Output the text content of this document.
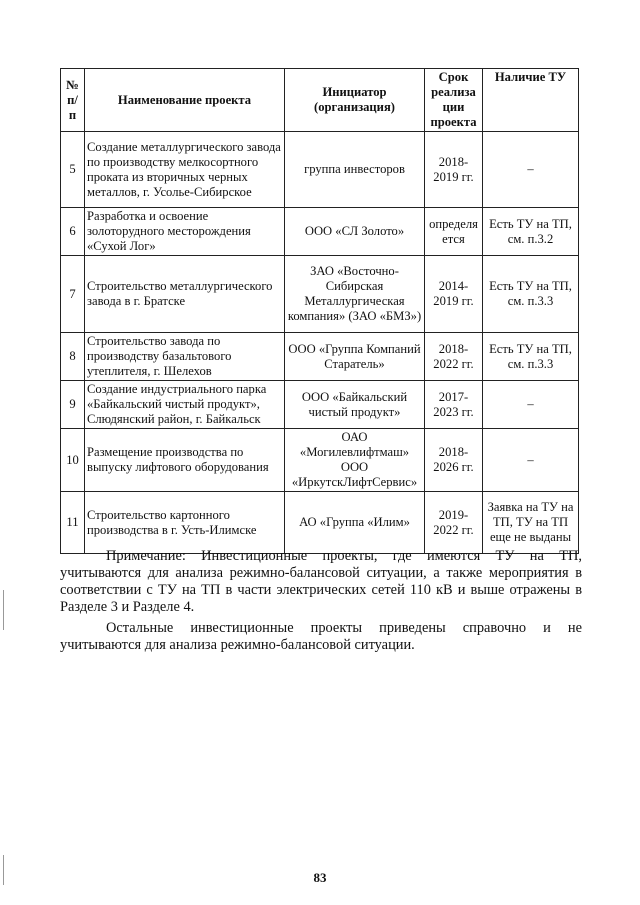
№ п/ п	Наименование проекта	Инициатор (организация)	Срок реализа ции проекта	Наличие ТУ
5	Создание металлургического завода по производству мелкосортного проката из вторичных черных металлов, г. Усолье-Сибирское	группа инвесторов	2018-2019 гг.	–
6	Разработка и освоение золоторудного месторождения «Сухой Лог»	ООО «СЛ Золото»	определя ется	Есть ТУ на ТП, см. п.3.2
7	Строительство металлургического завода в г. Братске	ЗАО «Восточно-Сибирская Металлургическая компания» (ЗАО «БМЗ»)	2014-2019 гг.	Есть ТУ на ТП, см. п.3.3
8	Строительство завода по производству базальтового утеплителя, г. Шелехов	ООО «Группа Компаний Старатель»	2018-2022 гг.	Есть ТУ на ТП, см. п.3.3
9	Создание индустриального парка «Байкальский чистый продукт», Слюдянский район, г. Байкальск	ООО «Байкальский чистый продукт»	2017-2023 гг.	–
10	Размещение производства по выпуску лифтового оборудования	ОАО «Могилевлифтмаш» ООО «ИркутскЛифтСервис»	2018-2026 гг.	–
11	Строительство картонного производства в г. Усть-Илимске	АО «Группа «Илим»	2019-2022 гг.	Заявка на ТУ на ТП, ТУ на ТП еще не выданы

Примечание: Инвестиционные проекты, где имеются ТУ на ТП, учитываются для анализа режимно-балансовой ситуации, а также мероприятия в соответствии с ТУ на ТП в части электрических сетей 110 кВ и выше отражены в Разделе 3 и Разделе 4.

Остальные инвестиционные проекты приведены справочно и не учитываются для анализа режимно-балансовой ситуации.

83
